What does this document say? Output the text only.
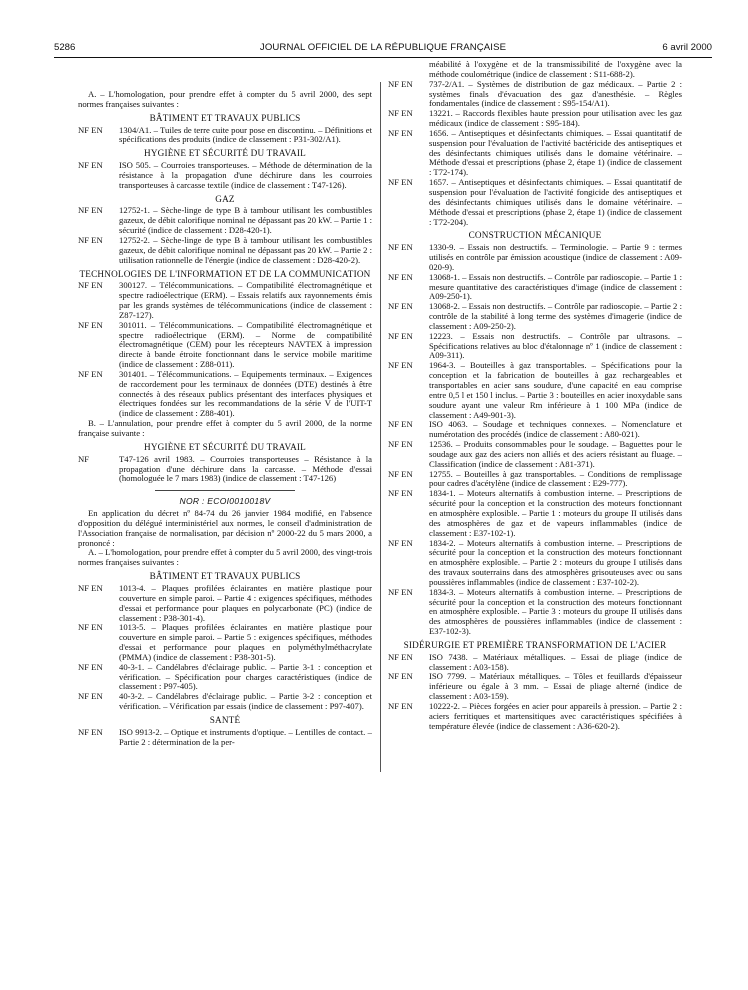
5286	JOURNAL OFFICIEL DE LA RÉPUBLIQUE FRANÇAISE	6 avril 2000

A. – L'homologation, pour prendre effet à compter du 5 avril 2000, des sept normes françaises suivantes :

BÂTIMENT ET TRAVAUX PUBLICS
NF EN	1304/A1. – Tuiles de terre cuite pour pose en discontinu. – Définitions et spécifications des produits (indice de classement : P31-302/A1).
HYGIÈNE ET SÉCURITÉ DU TRAVAIL
NF EN	ISO 505. – Courroies transporteuses. – Méthode de détermination de la résistance à la propagation d'une déchirure dans les courroies transporteuses à carcasse textile (indice de classement : T47-126).
GAZ
NF EN	12752-1. – Sèche-linge de type B à tambour utilisant les combustibles gazeux, de débit calorifique nominal ne dépassant pas 20 kW. – Partie 1 : sécurité (indice de classement : D28-420-1).
NF EN	12752-2. – Sèche-linge de type B à tambour utilisant les combustibles gazeux, de débit calorifique nominal ne dépassant pas 20 kW. – Partie 2 : utilisation rationnelle de l'énergie (indice de classement : D28-420-2).
TECHNOLOGIES DE L'INFORMATION ET DE LA COMMUNICATION
NF EN	300127. – Télécommunications. – Compatibilité électromagnétique et spectre radioélectrique (ERM). – Essais relatifs aux rayonnements émis par les grands systèmes de télécommunications (indice de classement : Z87-127).
NF EN	301011. – Télécommunications. – Compatibilité électromagnétique et spectre radioélectrique (ERM). – Norme de compatibilité électromagnétique (CEM) pour les récepteurs NAVTEX à impression directe à bande étroite fonctionnant dans le service mobile maritime (indice de classement : Z88-011).
NF EN	301401. – Télécommunications. – Equipements terminaux. – Exigences de raccordement pour les terminaux de données (DTE) destinés à être connectés à des réseaux publics présentant des interfaces physiques et électriques fondées sur les recommandations de la série V de l'UIT-T (indice de classement : Z88-401).

B. – L'annulation, pour prendre effet à compter du 5 avril 2000, de la norme française suivante :

HYGIÈNE ET SÉCURITÉ DU TRAVAIL
NF	T47-126 avril 1983. – Courroies transporteuses – Résistance à la propagation d'une déchirure dans la carcasse. – Méthode d'essai (homologuée le 7 mars 1983) (indice de classement : T47-126)
NOR : ECOI0010018V

En application du décret nº 84-74 du 26 janvier 1984 modifié, en l'absence d'opposition du délégué interministériel aux normes, le conseil d'administration de l'Association française de normalisation, par décision nº 2000-22 du 5 mars 2000, a prononcé :

A. – L'homologation, pour prendre effet à compter du 5 avril 2000, des vingt-trois normes françaises suivantes :

BÂTIMENT ET TRAVAUX PUBLICS
NF EN	1013-4. – Plaques profilées éclairantes en matière plastique pour couverture en simple paroi. – Partie 4 : exigences spécifiques, méthodes d'essai et performance pour plaques en polycarbonate (PC) (indice de classement : P38-301-4).
NF EN	1013-5. – Plaques profilées éclairantes en matière plastique pour couverture en simple paroi. – Partie 5 : exigences spécifiques, méthodes d'essai et performance pour plaques en polyméthylméthacrylate (PMMA) (indice de classement : P38-301-5).
NF EN	40-3-1. – Candélabres d'éclairage public. – Partie 3-1 : conception et vérification. – Spécification pour charges caractéristiques (indice de classement : P97-405).
NF EN	40-3-2. – Candélabres d'éclairage public. – Partie 3-2 : conception et vérification. – Vérification par essais (indice de classement : P97-407).
SANTÉ
NF EN	ISO 9913-2. – Optique et instruments d'optique. – Lentilles de contact. – Partie 2 : détermination de la per-

méabilité à l'oxygène et de la transmissibilité de l'oxygène avec la méthode coulométrique (indice de classement : S11-688-2).

NF EN	737-2/A1. – Systèmes de distribution de gaz médicaux. – Partie 2 : systèmes finals d'évacuation des gaz d'anesthésie. – Règles fondamentales (indice de classement : S95-154/A1).
NF EN	13221. – Raccords flexibles haute pression pour utilisation avec les gaz médicaux (indice de classement : S95-184).
NF EN	1656. – Antiseptiques et désinfectants chimiques. – Essai quantitatif de suspension pour l'évaluation de l'activité bactéricide des antiseptiques et des désinfectants chimiques utilisés dans le domaine vétérinaire. – Méthode d'essai et prescriptions (phase 2, étape 1) (indice de classement : T72-174).
NF EN	1657. – Antiseptiques et désinfectants chimiques. – Essai quantitatif de suspension pour l'évaluation de l'activité fongicide des antiseptiques et des désinfectants chimiques utilisés dans le domaine vétérinaire. – Méthode d'essai et prescriptions (phase 2, étape 1) (indice de classement : T72-204).
CONSTRUCTION MÉCANIQUE
NF EN	1330-9. – Essais non destructifs. – Terminologie. – Partie 9 : termes utilisés en contrôle par émission acoustique (indice de classement : A09-020-9).
NF EN	13068-1. – Essais non destructifs. – Contrôle par radioscopie. – Partie 1 : mesure quantitative des caractéristiques d'image (indice de classement : A09-250-1).
NF EN	13068-2. – Essais non destructifs. – Contrôle par radioscopie. – Partie 2 : contrôle de la stabilité à long terme des systèmes d'imagerie (indice de classement : A09-250-2).
NF EN	12223. – Essais non destructifs. – Contrôle par ultrasons. – Spécifications relatives au bloc d'étalonnage nº 1 (indice de classement : A09-311).
NF EN	1964-3. – Bouteilles à gaz transportables. – Spécifications pour la conception et la fabrication de bouteilles à gaz rechargeables et transportables en acier sans soudure, d'une capacité en eau comprise entre 0,5 l et 150 l inclus. – Partie 3 : bouteilles en acier inoxydable sans soudure ayant une valeur Rm inférieure à 1 100 MPa (indice de classement : A49-901-3).
NF EN	ISO 4063. – Soudage et techniques connexes. – Nomenclature et numérotation des procédés (indice de classement : A80-021).
NF EN	12536. – Produits consommables pour le soudage. – Baguettes pour le soudage aux gaz des aciers non alliés et des aciers résistant au fluage. – Classification (indice de classement : A81-371).
NF EN	12755. – Bouteilles à gaz transportables. – Conditions de remplissage pour cadres d'acétylène (indice de classement : E29-777).
NF EN	1834-1. – Moteurs alternatifs à combustion interne. – Prescriptions de sécurité pour la conception et la construction des moteurs fonctionnant en atmosphère explosible. – Partie 1 : moteurs du groupe II utilisés dans des atmosphères de gaz et de vapeurs inflammables (indice de classement : E37-102-1).
NF EN	1834-2. – Moteurs alternatifs à combustion interne. – Prescriptions de sécurité pour la conception et la construction des moteurs fonctionnant en atmosphère explosible. – Partie 2 : moteurs du groupe I utilisés dans des travaux souterrains dans des atmosphères grisouteuses avec ou sans poussières inflammables (indice de classement : E37-102-2).
NF EN	1834-3. – Moteurs alternatifs à combustion interne. – Prescriptions de sécurité pour la conception et la construction des moteurs fonctionnant en atmosphère explosible. – Partie 3 : moteurs du groupe II utilisés dans des atmosphères de poussières inflammables (indice de classement : E37-102-3).
SIDÉRURGIE ET PREMIÈRE TRANSFORMATION DE L'ACIER
NF EN	ISO 7438. – Matériaux métalliques. – Essai de pliage (indice de classement : A03-158).
NF EN	ISO 7799. – Matériaux métalliques. – Tôles et feuillards d'épaisseur inférieure ou égale à 3 mm. – Essai de pliage alterné (indice de classement : A03-159).
NF EN	10222-2. – Pièces forgées en acier pour appareils à pression. – Partie 2 : aciers ferritiques et martensitiques avec caractéristiques spécifiées à température élevée (indice de classement : A36-620-2).
